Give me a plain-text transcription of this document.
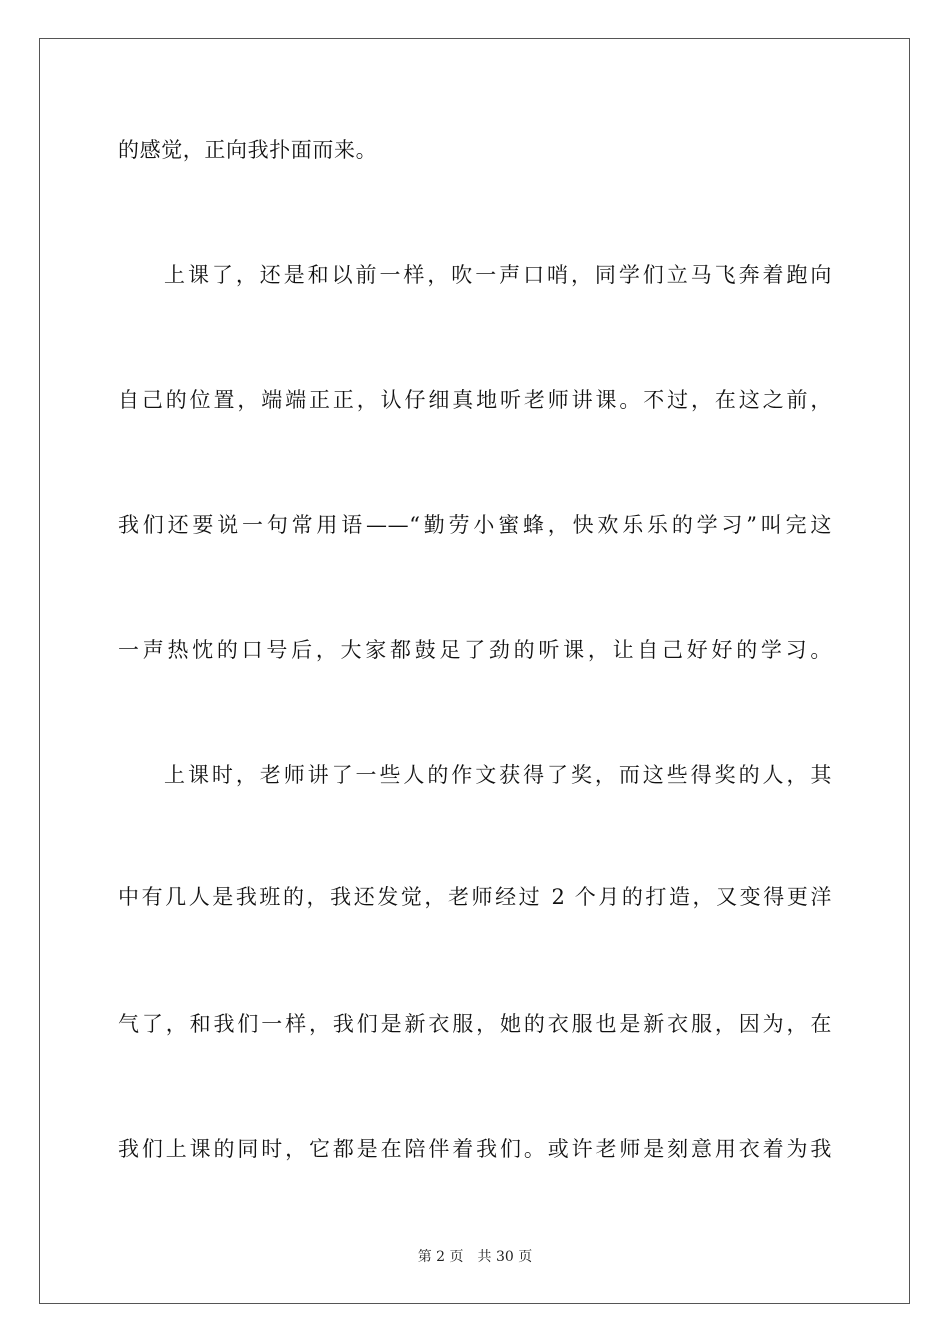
的感觉，正向我扑面而来。
上课了，还是和以前一样，吹一声口哨，同学们立马飞奔着跑向
自己的位置，端端正正，认仔细真地听老师讲课。不过，在这之前，
我们还要说一句常用语——“勤劳小蜜蜂，快欢乐乐的学习”叫完这
一声热忱的口号后，大家都鼓足了劲的听课，让自己好好的学习。
上课时，老师讲了一些人的作文获得了奖，而这些得奖的人，其
中有几人是我班的，我还发觉，老师经过 2 个月的打造，又变得更洋
气了，和我们一样，我们是新衣服，她的衣服也是新衣服，因为，在
我们上课的同时，它都是在陪伴着我们。或许老师是刻意用衣着为我
第 2 页 共 30 页
